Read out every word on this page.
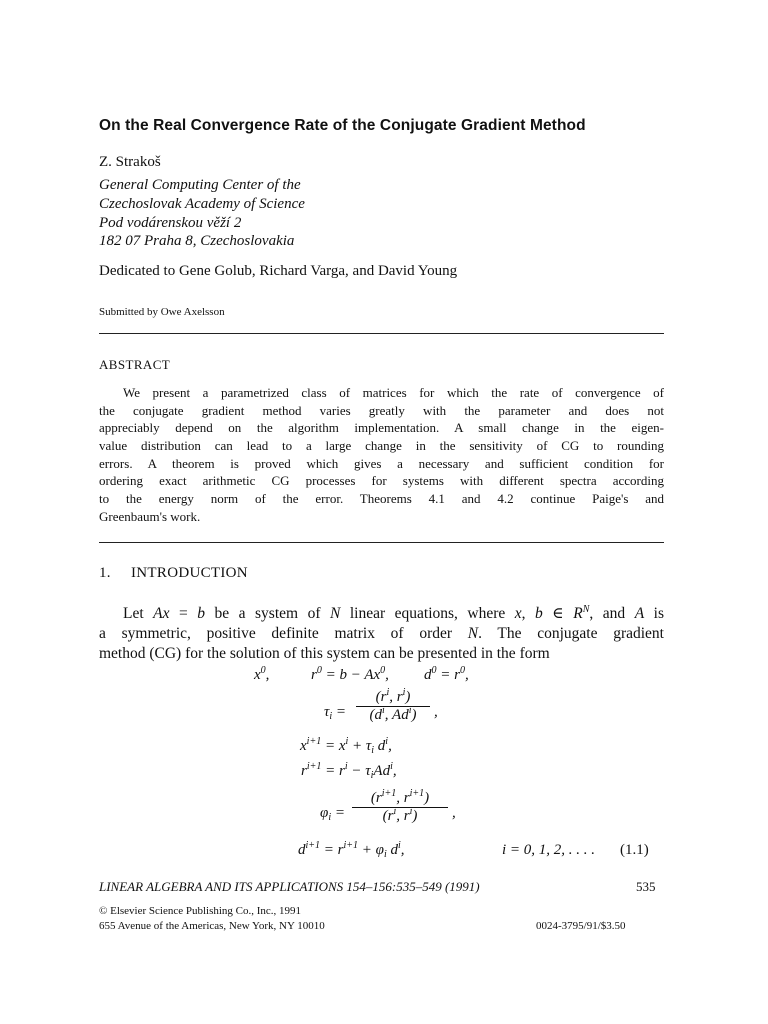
On the Real Convergence Rate of the Conjugate Gradient Method
Z. Strakoš
General Computing Center of the
Czechoslovak Academy of Science
Pod vodárenskou věží 2
182 07 Praha 8, Czechoslovakia
Dedicated to Gene Golub, Richard Varga, and David Young
Submitted by Owe Axelsson
ABSTRACT
We present a parametrized class of matrices for which the rate of convergence of
the conjugate gradient method varies greatly with the parameter and does not
appreciably depend on the algorithm implementation. A small change in the eigen-
value distribution can lead to a large change in the sensitivity of CG to rounding
errors. A theorem is proved which gives a necessary and sufficient condition for
ordering exact arithmetic CG processes for systems with different spectra according
to the energy norm of the error. Theorems 4.1 and 4.2 continue Paige's and
Greenbaum's work.
1. INTRODUCTION
Let Ax = b be a system of N linear equations, where x, b ∈ $R^N$, and A is
a symmetric, positive definite matrix of order N. The conjugate gradient
method (CG) for the solution of this system can be presented in the form
$x^0$,	$r^0 = b - Ax^0$, $d^0 = r^0$,
$\tau_i$ =
($r^i$, $r^i$)
($d^i$, Ad$^i$)	,
$x^{i+1} = x^i + \tau_i$ $d^i$,
$r^{i+1} = r^i - \tau_iAd^i$,
$\varphi_i = \frac{(r^{i+1}, r^{i+1})}{(r^i, r^i)}$ ,
$d^{i+1} = r^{i+1} + \varphi_i$ $d^i$,	i = 0, 1, 2, . . . . (1.1)
LINEAR ALGEBRA AND ITS APPLICATIONS 154–156:535–549 (1991)	535
© Elsevier Science Publishing Co., Inc., 1991
655 Avenue of the Americas, New York, NY 10010	0024-3795/91/$3.50
